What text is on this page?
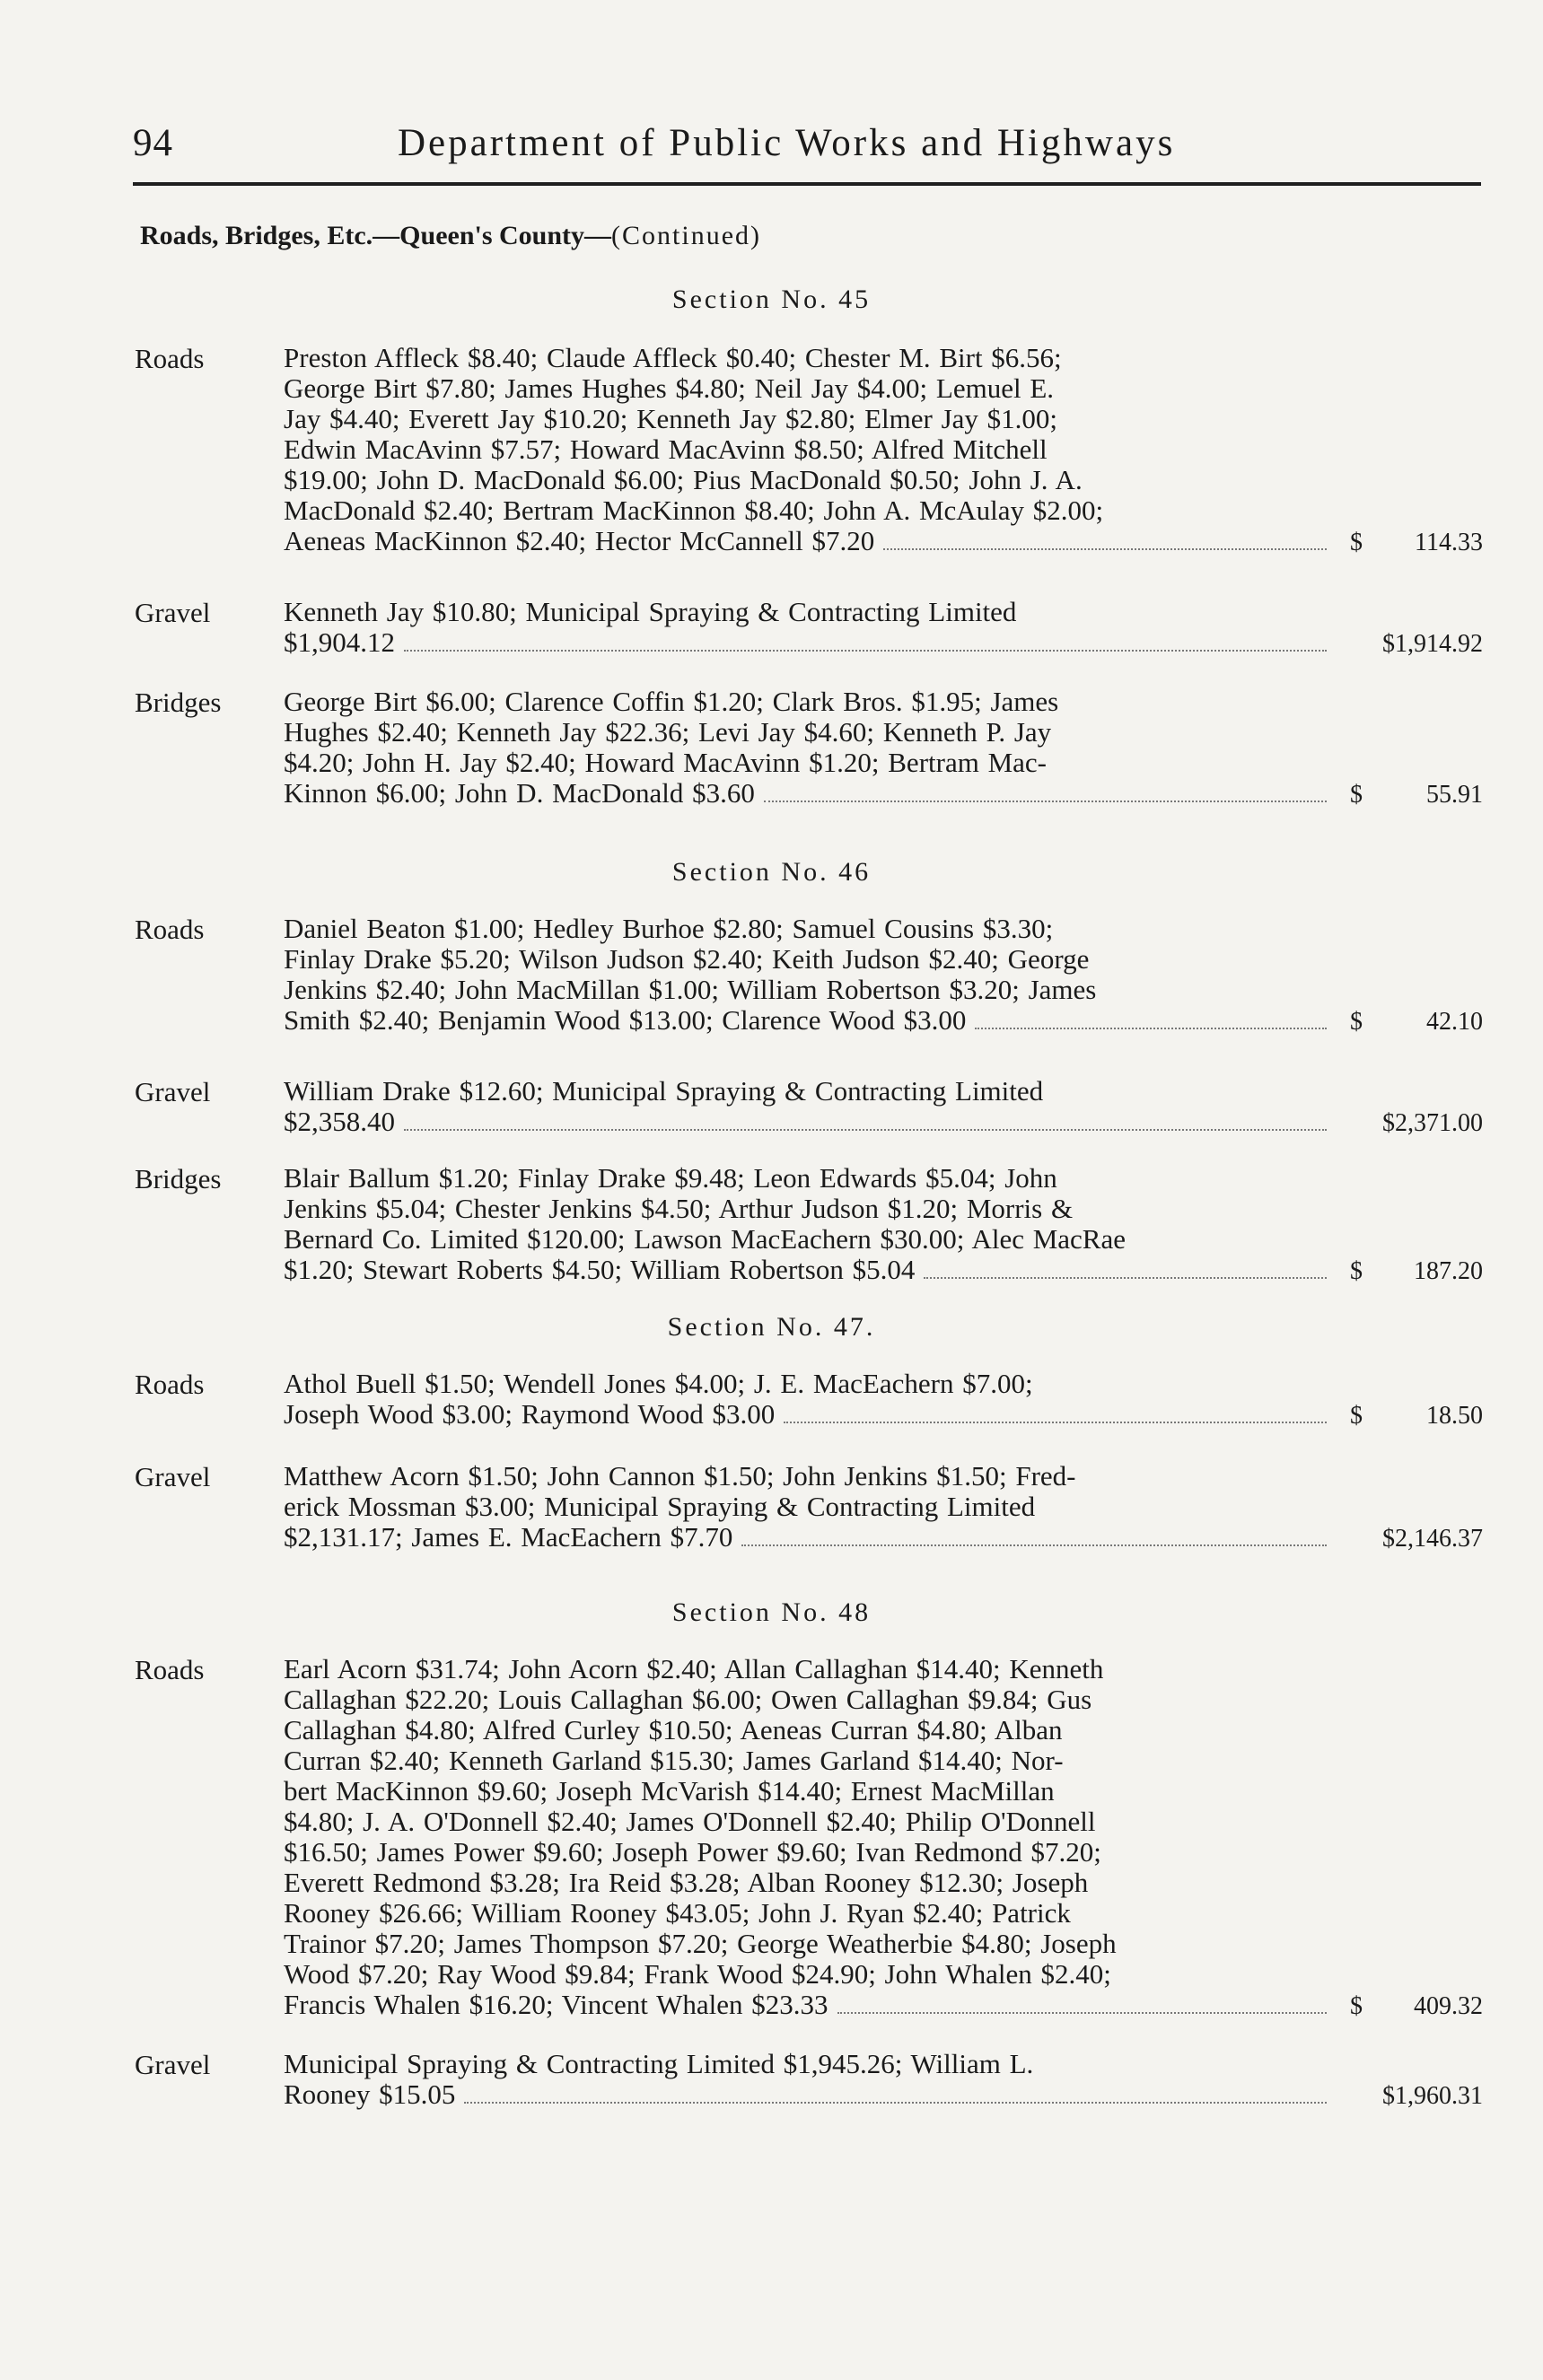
94	Department of Public Works and Highways
Roads, Bridges, Etc.—Queen's County—(Continued)
Section No. 45
Roads	Preston Affleck $8.40; Claude Affleck $0.40; Chester M. Birt $6.56;
George Birt $7.80; James Hughes $4.80; Neil Jay $4.00; Lemuel E.
Jay $4.40; Everett Jay $10.20; Kenneth Jay $2.80; Elmer Jay $1.00;
Edwin MacAvinn $7.57; Howard MacAvinn $8.50; Alfred Mitchell
$19.00; John D. MacDonald $6.00; Pius MacDonald $0.50; John J. A.
MacDonald $2.40; Bertram MacKinnon $8.40; John A. McAulay $2.00;
Aeneas MacKinnon $2.40; Hector McCannell $7.20	$ 114.33
Gravel	Kenneth Jay $10.80; Municipal Spraying & Contracting Limited
$1,904.12	$1,914.92
Bridges George Birt $6.00; Clarence Coffin $1.20; Clark Bros. $1.95; James
Hughes $2.40; Kenneth Jay $22.36; Levi Jay $4.60; Kenneth P. Jay
$4.20; John H. Jay $2.40; Howard MacAvinn $1.20; Bertram Mac-
Kinnon $6.00; John D. MacDonald $3.60	$	55.91
Section No. 46
Roads	Daniel Beaton $1.00; Hedley Burhoe $2.80; Samuel Cousins $3.30;
Finlay Drake $5.20; Wilson Judson $2.40; Keith Judson $2.40; George
Jenkins $2.40; John MacMillan $1.00; William Robertson $3.20; James
Smith $2.40; Benjamin Wood $13.00; Clarence Wood $3.00	$	42.10
Gravel	William Drake $12.60; Municipal Spraying & Contracting Limited
$2,358.40	$2,371.00
Bridges Blair Ballum $1.20; Finlay Drake $9.48; Leon Edwards $5.04; John
Jenkins $5.04; Chester Jenkins $4.50; Arthur Judson $1.20; Morris &
Bernard Co. Limited $120.00; Lawson MacEachern $30.00; Alec MacRae
$1.20; Stewart Roberts $4.50; William Robertson $5.04	$ 187.20
Section No. 47.
Roads	Athol Buell $1.50; Wendell Jones $4.00; J. E. MacEachern $7.00;
Joseph Wood $3.00; Raymond Wood $3.00	$	18.50
Gravel	Matthew Acorn $1.50; John Cannon $1.50; John Jenkins $1.50; Fred-
erick Mossman $3.00; Municipal Spraying & Contracting Limited
$2,131.17; James E. MacEachern $7.70	$2,146.37
Section No. 48
Roads	Earl Acorn $31.74; John Acorn $2.40; Allan Callaghan $14.40; Kenneth
Callaghan $22.20; Louis Callaghan $6.00; Owen Callaghan $9.84; Gus
Callaghan $4.80; Alfred Curley $10.50; Aeneas Curran $4.80; Alban
Curran $2.40; Kenneth Garland $15.30; James Garland $14.40; Nor-
bert MacKinnon $9.60; Joseph McVarish $14.40; Ernest MacMillan
$4.80; J. A. O'Donnell $2.40; James O'Donnell $2.40; Philip O'Donnell
$16.50; James Power $9.60; Joseph Power $9.60; Ivan Redmond $7.20;
Everett Redmond $3.28; Ira Reid $3.28; Alban Rooney $12.30; Joseph
Rooney $26.66; William Rooney $43.05; John J. Ryan $2.40; Patrick
Trainor $7.20; James Thompson $7.20; George Weatherbie $4.80; Joseph
Wood $7.20; Ray Wood $9.84; Frank Wood $24.90; John Whalen $2.40;
Francis Whalen $16.20; Vincent Whalen $23.33	$ 409.32
Gravel	Municipal Spraying & Contracting Limited $1,945.26; William L.
Rooney $15.05	$1,960.31
